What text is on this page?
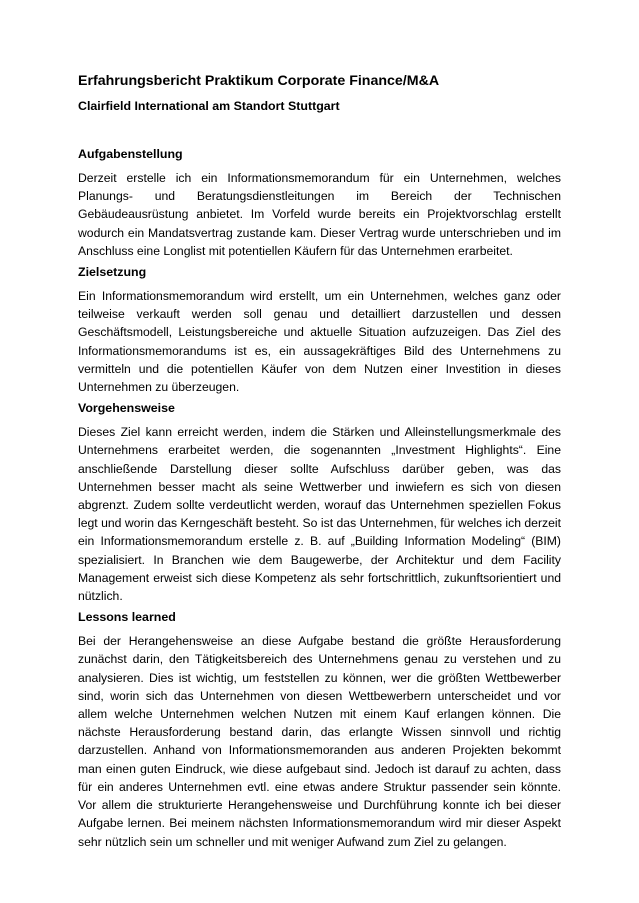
Erfahrungsbericht Praktikum Corporate Finance/M&A
Clairfield International am Standort Stuttgart
Aufgabenstellung

Derzeit erstelle ich ein Informationsmemorandum für ein Unternehmen, welches Planungs- und Beratungsdienstleitungen im Bereich der Technischen Gebäudeausrüstung anbietet. Im Vorfeld wurde bereits ein Projektvorschlag erstellt wodurch ein Mandatsvertrag zustande kam. Dieser Vertrag wurde unterschrieben und im Anschluss eine Longlist mit potentiellen Käufern für das Unternehmen erarbeitet.

Zielsetzung

Ein Informationsmemorandum wird erstellt, um ein Unternehmen, welches ganz oder teilweise verkauft werden soll genau und detailliert darzustellen und dessen Geschäftsmodell, Leistungsbereiche und aktuelle Situation aufzuzeigen. Das Ziel des Informationsmemorandums ist es, ein aussagekräftiges Bild des Unternehmens zu vermitteln und die potentiellen Käufer von dem Nutzen einer Investition in dieses Unternehmen zu überzeugen.

Vorgehensweise

Dieses Ziel kann erreicht werden, indem die Stärken und Alleinstellungsmerkmale des Unternehmens erarbeitet werden, die sogenannten „Investment Highlights“. Eine anschließende Darstellung dieser sollte Aufschluss darüber geben, was das Unternehmen besser macht als seine Wettwerber und inwiefern es sich von diesen abgrenzt. Zudem sollte verdeutlicht werden, worauf das Unternehmen speziellen Fokus legt und worin das Kerngeschäft besteht. So ist das Unternehmen, für welches ich derzeit ein Informationsmemorandum erstelle z. B. auf „Building Information Modeling“ (BIM) spezialisiert. In Branchen wie dem Baugewerbe, der Architektur und dem Facility Management erweist sich diese Kompetenz als sehr fortschrittlich, zukunftsorientiert und nützlich.

Lessons learned

Bei der Herangehensweise an diese Aufgabe bestand die größte Herausforderung zunächst darin, den Tätigkeitsbereich des Unternehmens genau zu verstehen und zu analysieren. Dies ist wichtig, um feststellen zu können, wer die größten Wettbewerber sind, worin sich das Unternehmen von diesen Wettbewerbern unterscheidet und vor allem welche Unternehmen welchen Nutzen mit einem Kauf erlangen können. Die nächste Herausforderung bestand darin, das erlangte Wissen sinnvoll und richtig darzustellen. Anhand von Informationsmemoranden aus anderen Projekten bekommt man einen guten Eindruck, wie diese aufgebaut sind. Jedoch ist darauf zu achten, dass für ein anderes Unternehmen evtl. eine etwas andere Struktur passender sein könnte. Vor allem die strukturierte Herangehensweise und Durchführung konnte ich bei dieser Aufgabe lernen. Bei meinem nächsten Informationsmemorandum wird mir dieser Aspekt sehr nützlich sein um schneller und mit weniger Aufwand zum Ziel zu gelangen.
